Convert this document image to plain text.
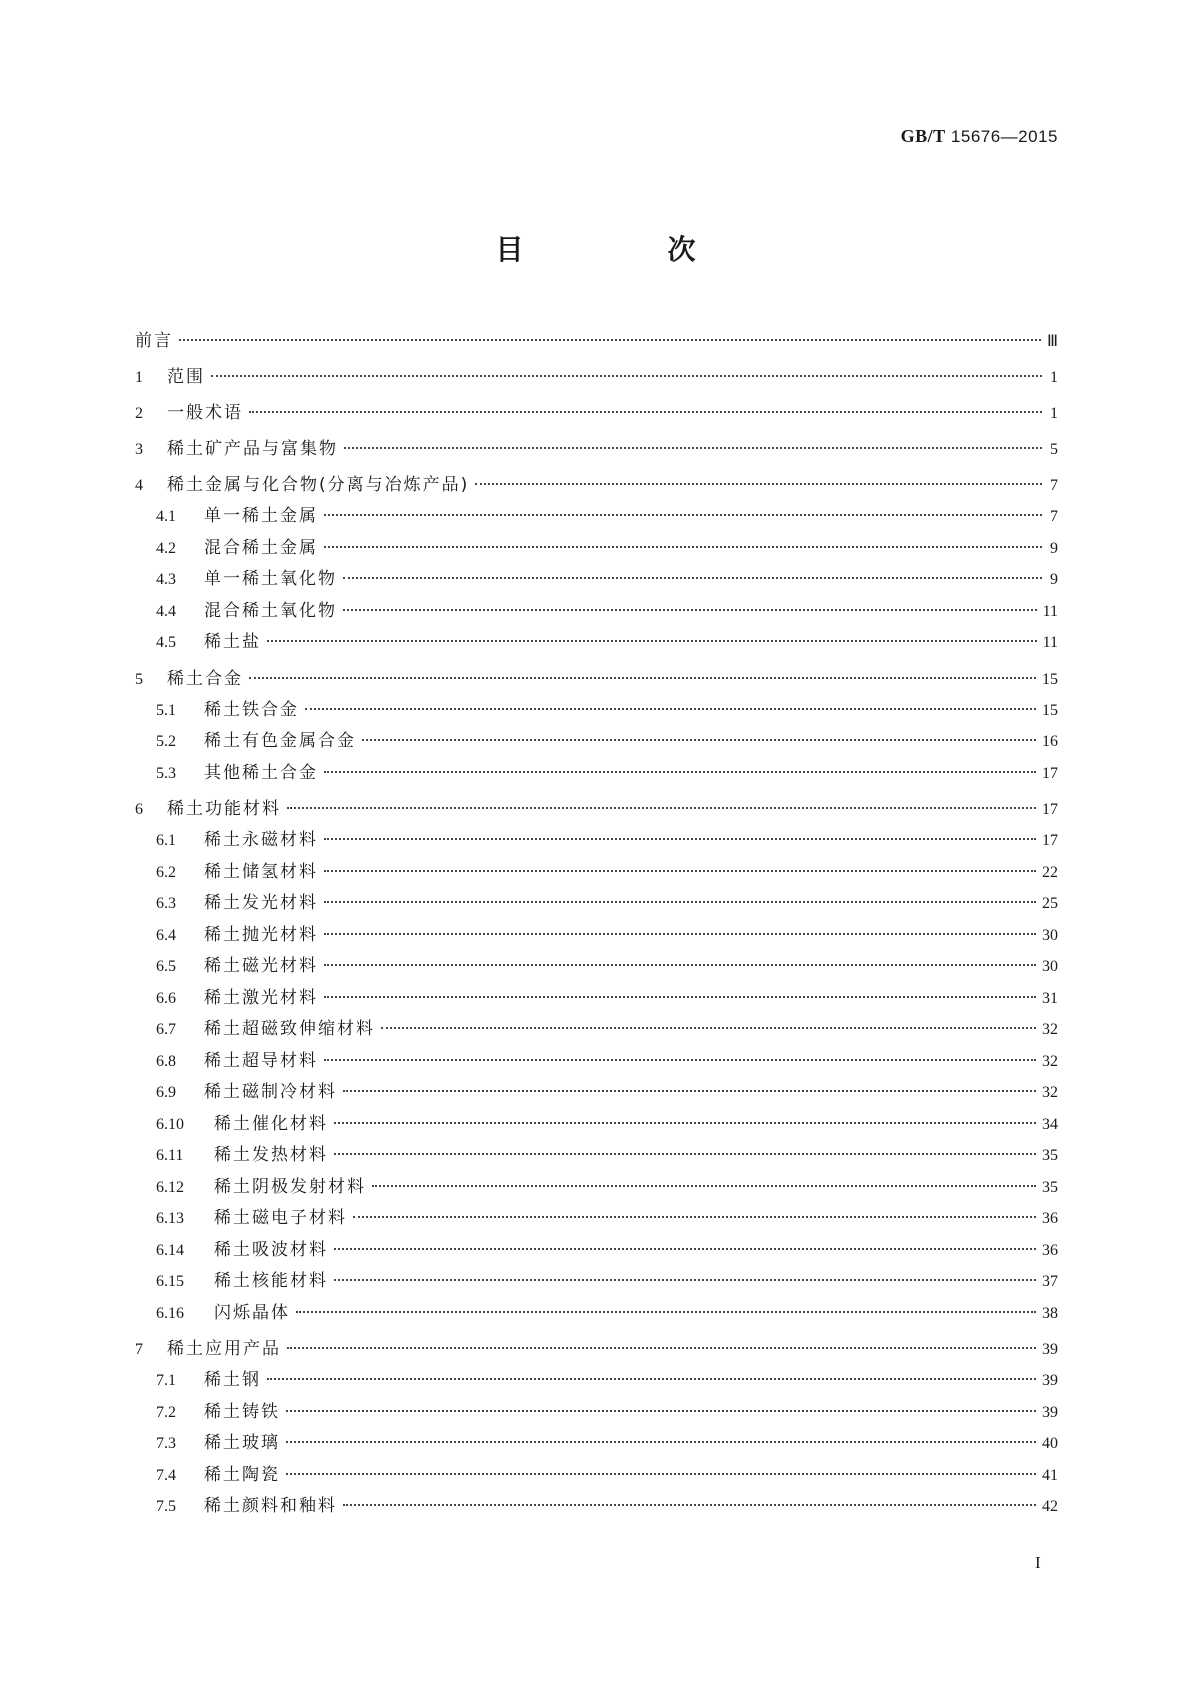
GB/T 15676—2015
目　次
前言	Ⅲ
1	范围	1
2	一般术语	1
3	稀土矿产品与富集物	5
4	稀土金属与化合物(分离与冶炼产品)	7
4.1	单一稀土金属	7
4.2	混合稀土金属	9
4.3	单一稀土氧化物	9
4.4	混合稀土氧化物	11
4.5	稀土盐	11
5	稀土合金	15
5.1	稀土铁合金	15
5.2	稀土有色金属合金	16
5.3	其他稀土合金	17
6	稀土功能材料	17
6.1	稀土永磁材料	17
6.2	稀土储氢材料	22
6.3	稀土发光材料	25
6.4	稀土抛光材料	30
6.5	稀土磁光材料	30
6.6	稀土激光材料	31
6.7	稀土超磁致伸缩材料	32
6.8	稀土超导材料	32
6.9	稀土磁制冷材料	32
6.10	稀土催化材料	34
6.11	稀土发热材料	35
6.12	稀土阴极发射材料	35
6.13	稀土磁电子材料	36
6.14	稀土吸波材料	36
6.15	稀土核能材料	37
6.16	闪烁晶体	38
7	稀土应用产品	39
7.1	稀土钢	39
7.2	稀土铸铁	39
7.3	稀土玻璃	40
7.4	稀土陶瓷	41
7.5	稀土颜料和釉料	42
I
